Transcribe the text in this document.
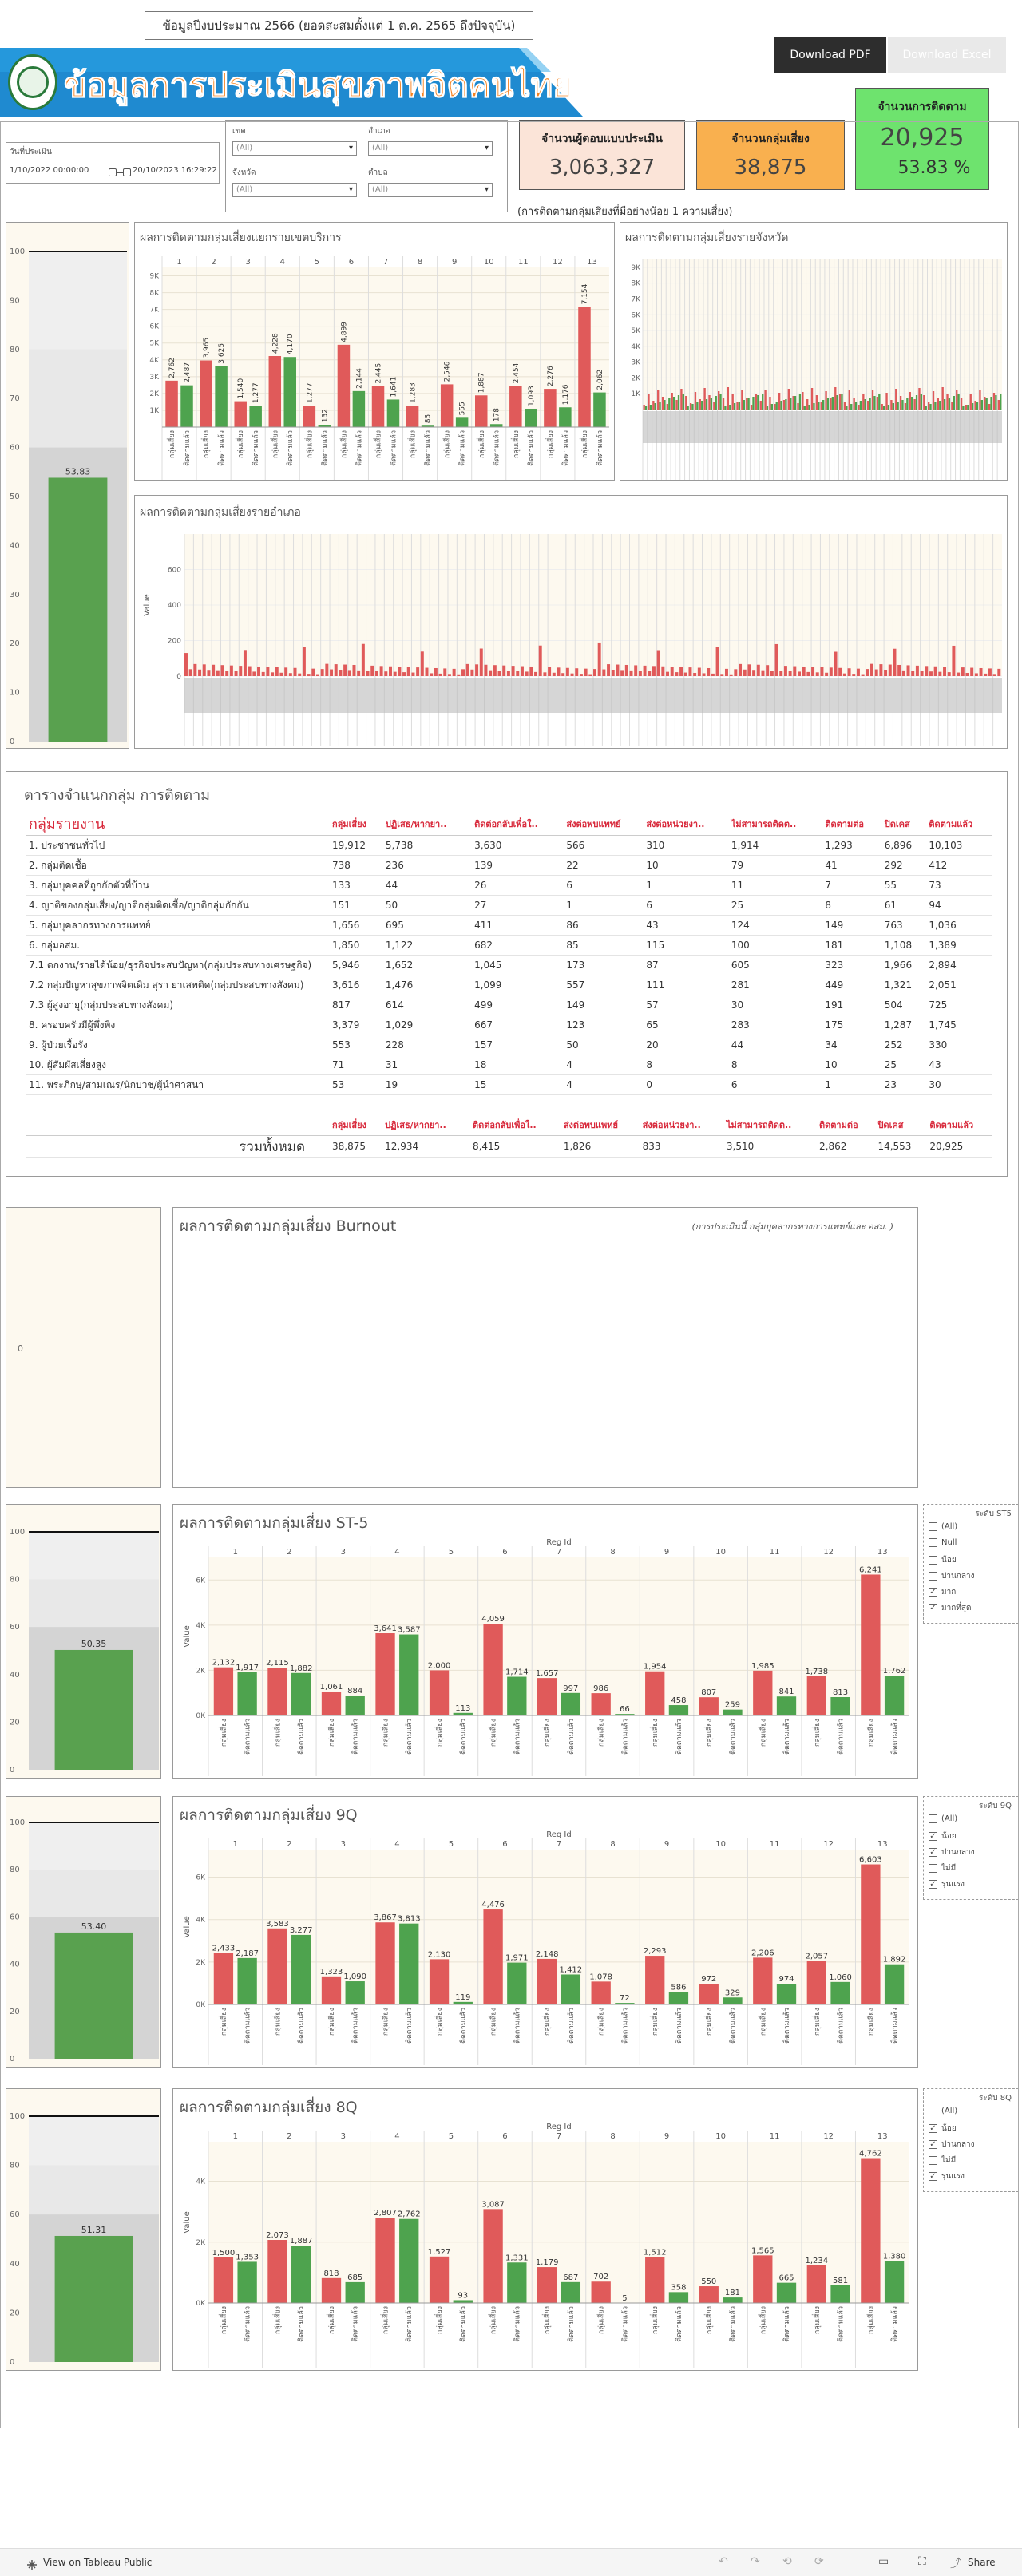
ข้อมูลปีงบประมาณ 2566 (ยอดสะสมตั้งแต่ 1 ต.ค. 2565 ถึงปัจจุบัน)
ข้อมูลการประเมินสุขภาพจิตคนไทย
Download PDF	Download Excel
วันที่ประเมิน
1/10/2022 00:00:00	20/10/2023 16:29:22
เขต
(All) ▾
อำเภอ
(All) ▾
จังหวัด
(All) ▾
ตำบล
(All) ▾
จำนวนผู้ตอบแบบประเมิน
3,063,327
จำนวนกลุ่มเสี่ยง
38,875
จำนวนการติดตาม
20,925
53.83 %
(การติดตามกลุ่มเสี่ยงที่มีอย่างน้อย 1 ความเสี่ยง)
100
90
80
70
60
50
40
30
20
10
0
53.83
ผลการติดตามกลุ่มเสี่ยงแยกรายเขตบริการ
1K
2K
3K
4K
5K
6K
7K
8K
9K
1
2,762 2,487
กลุ่มเสี่ยง ติดตามแล้ว
2
3,965 3,625
กลุ่มเสี่ยง ติดตามแล้ว
3
1,540 1,277
กลุ่มเสี่ยง ติดตามแล้ว
4
4,228 4,170
กลุ่มเสี่ยง ติดตามแล้ว
5
1,277
132
กลุ่มเสี่ยง ติดตามแล้ว
6
4,899
2,144
กลุ่มเสี่ยง ติดตามแล้ว
7
2,445
1,641
กลุ่มเสี่ยง ติดตามแล้ว
8
1,283
85
กลุ่มเสี่ยง ติดตามแล้ว
9
2,546
555
กลุ่มเสี่ยง ติดตามแล้ว
10
1,887
178
กลุ่มเสี่ยง ติดตามแล้ว
11
2,454
1,093
กลุ่มเสี่ยง ติดตามแล้ว
12
2,276
1,176
กลุ่มเสี่ยง ติดตามแล้ว
13
7,154
2,062
กลุ่มเสี่ยง ติดตามแล้ว
ผลการติดตามกลุ่มเสี่ยงรายจังหวัด
1K
2K
3K
4K
5K
6K
7K
8K
9K
ผลการติดตามกลุ่มเสี่ยงรายอำเภอ
Value
0
200
400
600
ตารางจำแนกกลุ่ม การติดตาม
กลุ่มรายงาน	กลุ่มเสี่ยง	ปฏิเสธ/หากยา..	ติดต่อกลับเพื่อใ..	ส่งต่อพบแพทย์	ส่งต่อหน่วยงา..	ไม่สามารถติดต..	ติดตามต่อ	ปิดเคส	ติดตามแล้ว
1. ประชาชนทั่วไป	19,912	5,738	3,630	566	310	1,914	1,293	6,896	10,103
2. กลุ่มติดเชื้อ	738	236	139	22	10	79	41	292	412
3. กลุ่มบุคคลที่ถูกกักตัวที่บ้าน	133	44	26	6	1	11	7	55	73
4. ญาติของกลุ่มเสี่ยง/ญาติกลุ่มติดเชื้อ/ญาติกลุ่มกักกัน	151	50	27	1	6	25	8	61	94
5. กลุ่มบุคลากรทางการแพทย์	1,656	695	411	86	43	124	149	763	1,036
6. กลุ่มอสม.	1,850	1,122	682	85	115	100	181	1,108	1,389
7.1 ตกงาน/รายได้น้อย/ธุรกิจประสบปัญหา(กลุ่มประสบทางเศรษฐกิจ)	5,946	1,652	1,045	173	87	605	323	1,966	2,894
7.2 กลุ่มปัญหาสุขภาพจิตเดิม สุรา ยาเสพติด(กลุ่มประสบทางสังคม)	3,616	1,476	1,099	557	111	281	449	1,321	2,051
7.3 ผู้สูงอายุ(กลุ่มประสบทางสังคม)	817	614	499	149	57	30	191	504	725
8. ครอบครัวมีผู้พึ่งพิง	3,379	1,029	667	123	65	283	175	1,287	1,745
9. ผู้ป่วยเรื้อรัง	553	228	157	50	20	44	34	252	330
10. ผู้สัมผัสเสี่ยงสูง	71	31	18	4	8	8	10	25	43
11. พระภิกษุ/สามเณร/นักบวช/ผู้นำศาสนา	53	19	15	4	0	6	1	23	30
	กลุ่มเสี่ยง	ปฏิเสธ/หากยา..	ติดต่อกลับเพื่อใ..	ส่งต่อพบแพทย์	ส่งต่อหน่วยงา..	ไม่สามารถติดต..	ติดตามต่อ	ปิดเคส	ติดตามแล้ว
รวมทั้งหมด	38,875	12,934	8,415	1,826	833	3,510	2,862	14,553	20,925
0
ผลการติดตามกลุ่มเสี่ยง Burnout	(การประเมินนี้ กลุ่มบุคลากรทางการแพทย์และ อสม. )
100
80
60
40
20
0
50.35
ผลการติดตามกลุ่มเสี่ยง ST-5
Reg Id
Value
0K
2K
4K
6K
1
2,132
1,917
กลุ่มเสี่ยง ติดตามแล้ว
2
2,115
1,882
กลุ่มเสี่ยง ติดตามแล้ว
3
1,061 884
กลุ่มเสี่ยง ติดตามแล้ว
4
3,641 3,587
กลุ่มเสี่ยง ติดตามแล้ว
5
2,000
113
กลุ่มเสี่ยง ติดตามแล้ว
6
4,059
1,714
กลุ่มเสี่ยง ติดตามแล้ว
7
1,657
997
กลุ่มเสี่ยง ติดตามแล้ว
8
986
66
กลุ่มเสี่ยง ติดตามแล้ว
9
1,954
458
กลุ่มเสี่ยง ติดตามแล้ว
10
807
259
กลุ่มเสี่ยง ติดตามแล้ว
11
1,985
841
กลุ่มเสี่ยง ติดตามแล้ว
12
1,738
813
กลุ่มเสี่ยง ติดตามแล้ว
13
6,241
1,762
กลุ่มเสี่ยง ติดตามแล้ว
ระดับ ST5
(All)
Null
น้อย
ปานกลาง
✓ มาก
✓ มากที่สุด
100
80
60
40
20
0
53.40
ผลการติดตามกลุ่มเสี่ยง 9Q
Reg Id
Value
0K
2K
4K
6K
1
2,433
2,187
กลุ่มเสี่ยง ติดตามแล้ว
2
3,583
3,277
กลุ่มเสี่ยง ติดตามแล้ว
3
1,323
1,090
กลุ่มเสี่ยง ติดตามแล้ว
4
3,867 3,813
กลุ่มเสี่ยง ติดตามแล้ว
5
2,130
119
กลุ่มเสี่ยง ติดตามแล้ว
6
4,476
1,971
กลุ่มเสี่ยง ติดตามแล้ว
7
2,148
1,412
กลุ่มเสี่ยง ติดตามแล้ว
8
1,078
72
กลุ่มเสี่ยง ติดตามแล้ว
9
2,293
586
กลุ่มเสี่ยง ติดตามแล้ว
10
972
329
กลุ่มเสี่ยง ติดตามแล้ว
11
2,206
974
กลุ่มเสี่ยง ติดตามแล้ว
12
2,057
1,060
กลุ่มเสี่ยง ติดตามแล้ว
13
6,603
1,892
กลุ่มเสี่ยง ติดตามแล้ว
ระดับ 9Q
(All)
✓ น้อย
✓ ปานกลาง
ไม่มี
✓ รุนแรง
100
80
60
40
20
0
51.31
ผลการติดตามกลุ่มเสี่ยง 8Q
Reg Id
Value
0K
2K
4K
1
1,500
1,353
กลุ่มเสี่ยง ติดตามแล้ว
2
2,073
1,887
กลุ่มเสี่ยง ติดตามแล้ว
3
818 685
กลุ่มเสี่ยง ติดตามแล้ว
4
2,807 2,762
กลุ่มเสี่ยง ติดตามแล้ว
5
1,527
93
กลุ่มเสี่ยง ติดตามแล้ว
6
3,087
1,331
กลุ่มเสี่ยง ติดตามแล้ว
7
1,179
687
กลุ่มเสี่ยง ติดตามแล้ว
8
702
5
กลุ่มเสี่ยง ติดตามแล้ว
9
1,512
358
กลุ่มเสี่ยง ติดตามแล้ว
10
550
181
กลุ่มเสี่ยง ติดตามแล้ว
11
1,565
665
กลุ่มเสี่ยง ติดตามแล้ว
12
1,234
581
กลุ่มเสี่ยง ติดตามแล้ว
13
4,762
1,380
กลุ่มเสี่ยง ติดตามแล้ว
ระดับ 8Q
(All)
✓ น้อย
✓ ปานกลาง
ไม่มี
✓ รุนแรง
View on Tableau Public	↶ ↷ ⟲ ⟳	▭	⛶ ⤴ Share
